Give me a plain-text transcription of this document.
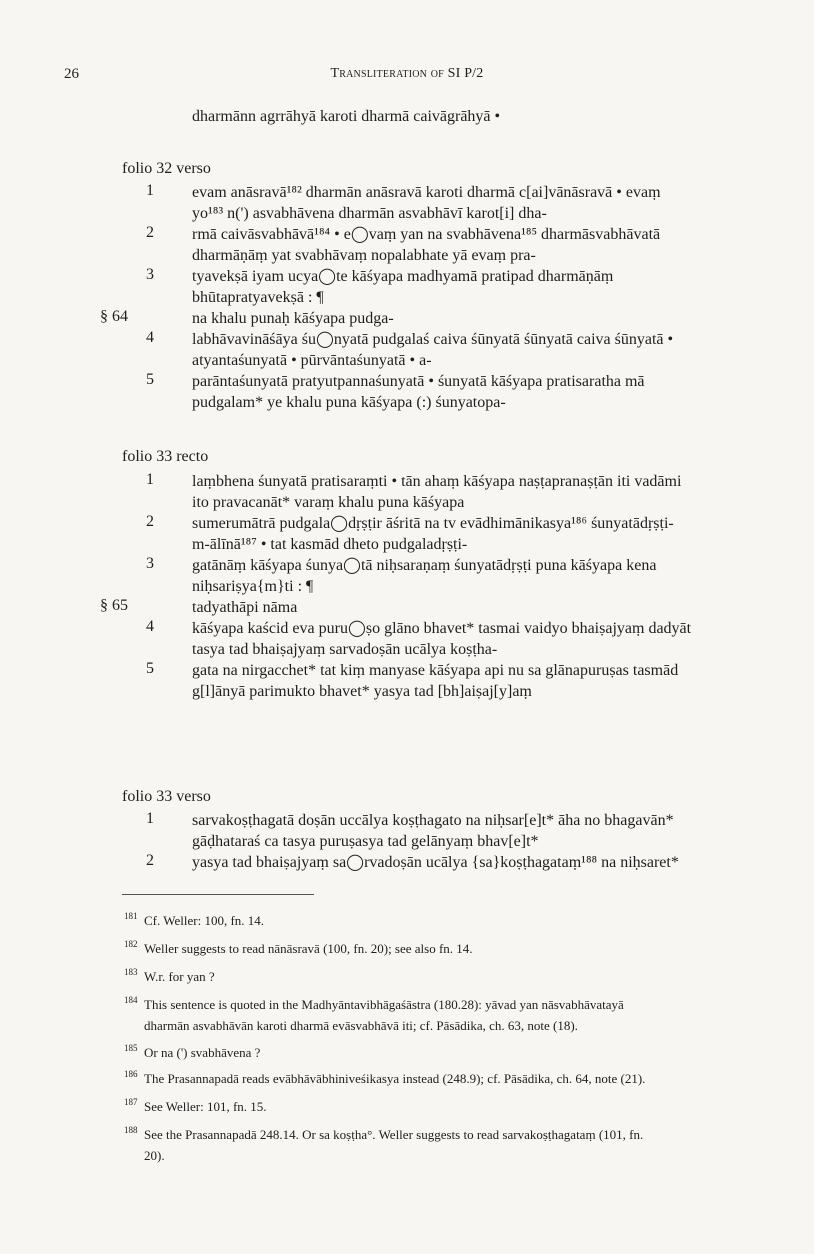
26	Transliteration of SI P/2
dharmānn agrrāhyā karoti dharmā caivāgrāhyā •
folio 32 verso
1 evam anāsravā¹⁸² dharmān anāsravā karoti dharmā c[ai]vānāsravā • evaṃ
yo¹⁸³ n(') asvabhāvena dharmān asvabhāvī karot[i] dha-
2 rmā caivāsvabhāvā¹⁸⁴ • e◯vaṃ yan na svabhāvena¹⁸⁵ dharmāsvabhāvatā
dharmāṇāṃ yat svabhāvaṃ nopalabhate yā evaṃ pra-
3 tyavekṣā iyam ucya◯te kāśyapa madhyamā pratipad dharmāṇāṃ
bhūtapratyavekṣā : ¶
na khalu punaḥ kāśyapa pudga-
§ 64
4 labhāvavināśāya śu◯nyatā pudgalaś caiva śūnyatā śūnyatā caiva śūnyatā •
atyantaśunyatā • pūrvāntaśunyatā • a-
5 parāntaśunyatā pratyutpannaśunyatā • śunyatā kāśyapa pratisaratha mā
pudgalam* ye khalu puna kāśyapa (:) śunyatopa-
folio 33 recto
1 laṃbhena śunyatā pratisaraṃti • tān ahaṃ kāśyapa naṣṭapranaṣṭān iti vadāmi
ito pravacanāt* varaṃ khalu puna kāśyapa
2 sumerumātrā pudgala◯dṛṣṭir āśritā na tv evādhimānikasya¹⁸⁶ śunyatādṛṣṭi-
m-ālīnā¹⁸⁷ • tat kasmād dheto pudgaladṛṣṭi-
3 gatānāṃ kāśyapa śunya◯tā niḥsaraṇaṃ śunyatādṛṣṭi puna kāśyapa kena
niḥsariṣya{m}ti : ¶
tadyathāpi nāma
§ 65
4 kāśyapa kaścid eva puru◯ṣo glāno bhavet* tasmai vaidyo bhaiṣajyaṃ dadyāt
tasya tad bhaiṣajyaṃ sarvadoṣān ucālya koṣṭha-
5 gata na nirgacchet* tat kiṃ manyase kāśyapa api nu sa glānapuruṣas tasmād
g[l]ānyā parimukto bhavet* yasya tad [bh]aiṣaj[y]aṃ
folio 33 verso
1 sarvakoṣṭhagatā doṣān uccālya koṣṭhagato na niḥsar[e]t* āha no bhagavān*
gāḍhataraś ca tasya puruṣasya tad gelānyaṃ bhav[e]t*
2 yasya tad bhaiṣajyaṃ sa◯rvadoṣān ucālya {sa}koṣṭhagataṃ¹⁸⁸ na niḥsaret*
181 Cf. Weller: 100, fn. 14.
182 Weller suggests to read nānāsravā (100, fn. 20); see also fn. 14.
183 W.r. for yan ?
184 This sentence is quoted in the Madhyāntavibhāgaśāstra (180.28): yāvad yan nāsvabhāvatayā
dharmān asvabhāvān karoti dharmā evāsvabhāvā iti; cf. Pāsādika, ch. 63, note (18).
185 Or na (') svabhāvena ?
186 The Prasannapadā reads evābhāvābhiniveśikasya instead (248.9); cf. Pāsādika, ch. 64, note (21).
187 See Weller: 101, fn. 15.
188 See the Prasannapadā 248.14. Or sa koṣṭha°. Weller suggests to read sarvakoṣṭhagataṃ (101, fn.
20).
